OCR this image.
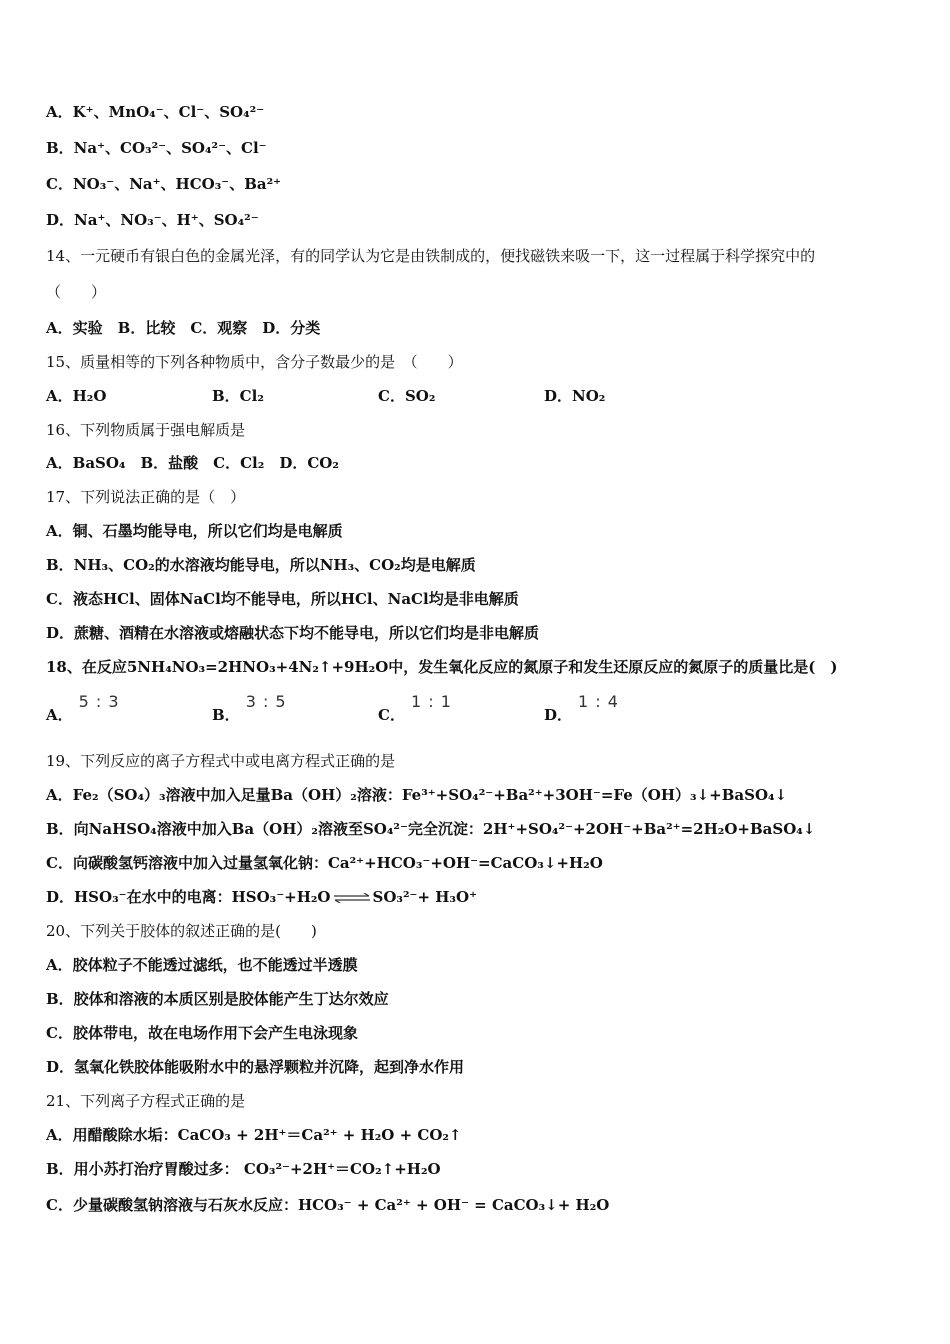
A．K⁺、MnO₄⁻、Cl⁻、SO₄²⁻
B．Na⁺、CO₃²⁻、SO₄²⁻、Cl⁻
C．NO₃⁻、Na⁺、HCO₃⁻、Ba²⁺
D．Na⁺、NO₃⁻、H⁺、SO₄²⁻
14、一元硬币有银白色的金属光泽，有的同学认为它是由铁制成的，便找磁铁来吸一下，这一过程属于科学探究中的
（　　）
A．实验　B．比较　C．观察　D．分类
15、质量相等的下列各种物质中，含分子数最少的是　（　　）
A．H₂O	B．Cl₂	C．SO₂	D．NO₂
16、下列物质属于强电解质是
A．BaSO₄　B．盐酸　C．Cl₂　D．CO₂
17、下列说法正确的是（　）
A．铜、石墨均能导电，所以它们均是电解质
B．NH₃、CO₂的水溶液均能导电，所以NH₃、CO₂均是电解质
C．液态HCl、固体NaCl均不能导电，所以HCl、NaCl均是非电解质
D．蔗糖、酒精在水溶液或熔融状态下均不能导电，所以它们均是非电解质
18、在反应5NH₄NO₃=2HNO₃+4N₂↑+9H₂O中，发生氧化反应的氮原子和发生还原反应的氮原子的质量比是(　)
A．5 : 3B．3 : 5C．1 : 1D．1 : 4
19、下列反应的离子方程式中或电离方程式正确的是
A．Fe₂（SO₄）₃溶液中加入足量Ba（OH）₂溶液：Fe³⁺+SO₄²⁻+Ba²⁺+3OH⁻=Fe（OH）₃↓+BaSO₄↓
B．向NaHSO₄溶液中加入Ba（OH）₂溶液至SO₄²⁻完全沉淀：2H⁺+SO₄²⁻+2OH⁻+Ba²⁺=2H₂O+BaSO₄↓
C．向碳酸氢钙溶液中加入过量氢氧化钠：Ca²⁺+HCO₃⁻+OH⁻=CaCO₃↓+H₂O
D．HSO₃⁻在水中的电离：HSO₃⁻+H₂O ⇌ SO₃²⁻+ H₃O⁺
20、下列关于胶体的叙述正确的是(　　)
A．胶体粒子不能透过滤纸，也不能透过半透膜
B．胶体和溶液的本质区别是胶体能产生丁达尔效应
C．胶体带电，故在电场作用下会产生电泳现象
D．氢氧化铁胶体能吸附水中的悬浮颗粒并沉降，起到净水作用
21、下列离子方程式正确的是
A．用醋酸除水垢：CaCO₃ + 2H⁺＝Ca²⁺ + H₂O + CO₂↑
B．用小苏打治疗胃酸过多： CO₃²⁻+2H⁺＝CO₂↑+H₂O
C．少量碳酸氢钠溶液与石灰水反应：HCO₃⁻ + Ca²⁺ + OH⁻ = CaCO₃↓+ H₂O
